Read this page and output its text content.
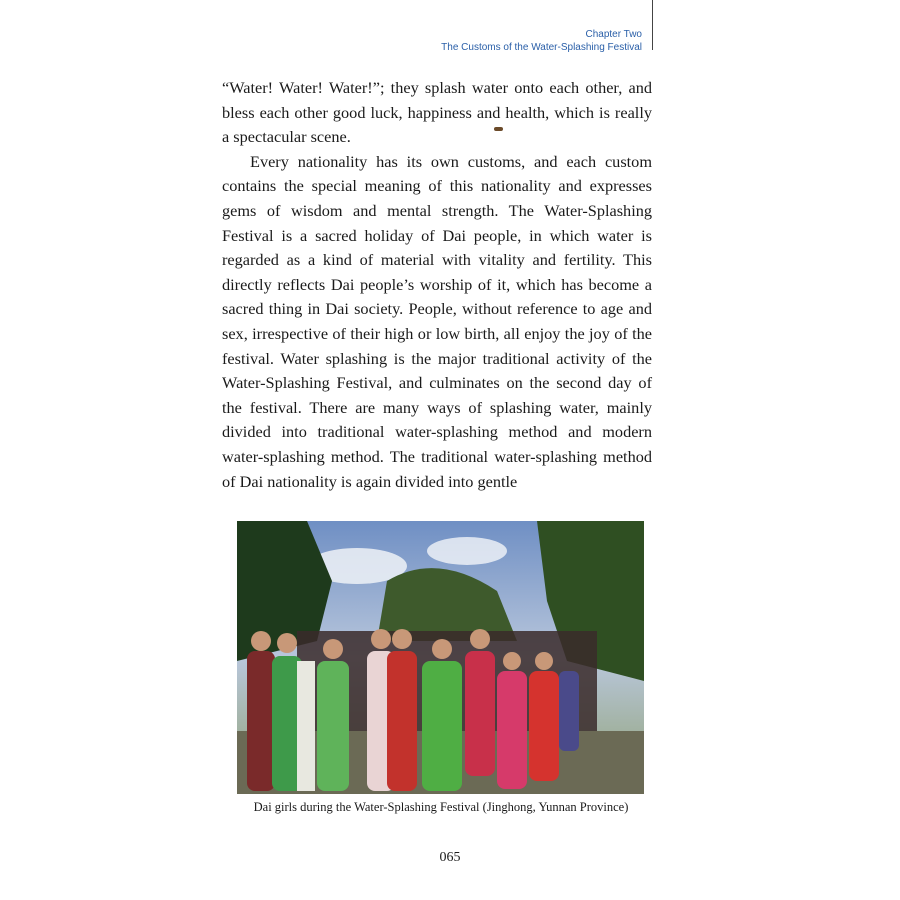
Chapter Two
The Customs of the Water-Splashing Festival

“Water! Water! Water!”; they splash water onto each other, and bless each other good luck, happiness and health, which is really a spectacular scene.

Every nationality has its own customs, and each custom contains the special meaning of this nationality and expresses gems of wisdom and mental strength. The Water-Splashing Festival is a sacred holiday of Dai people, in which water is regarded as a kind of material with vitality and fertility. This directly reflects Dai people’s worship of it, which has become a sacred thing in Dai society. People, without reference to age and sex, irrespective of their high or low birth, all enjoy the joy of the festival. Water splashing is the major traditional activity of the Water-Splashing Festival, and culminates on the second day of the festival. There are many ways of splashing water, mainly divided into traditional water-splashing method and modern water-splashing method. The traditional water-splashing method of Dai nationality is again divided into gentle

Dai girls during the Water-Splashing Festival (Jinghong, Yunnan Province)
065
